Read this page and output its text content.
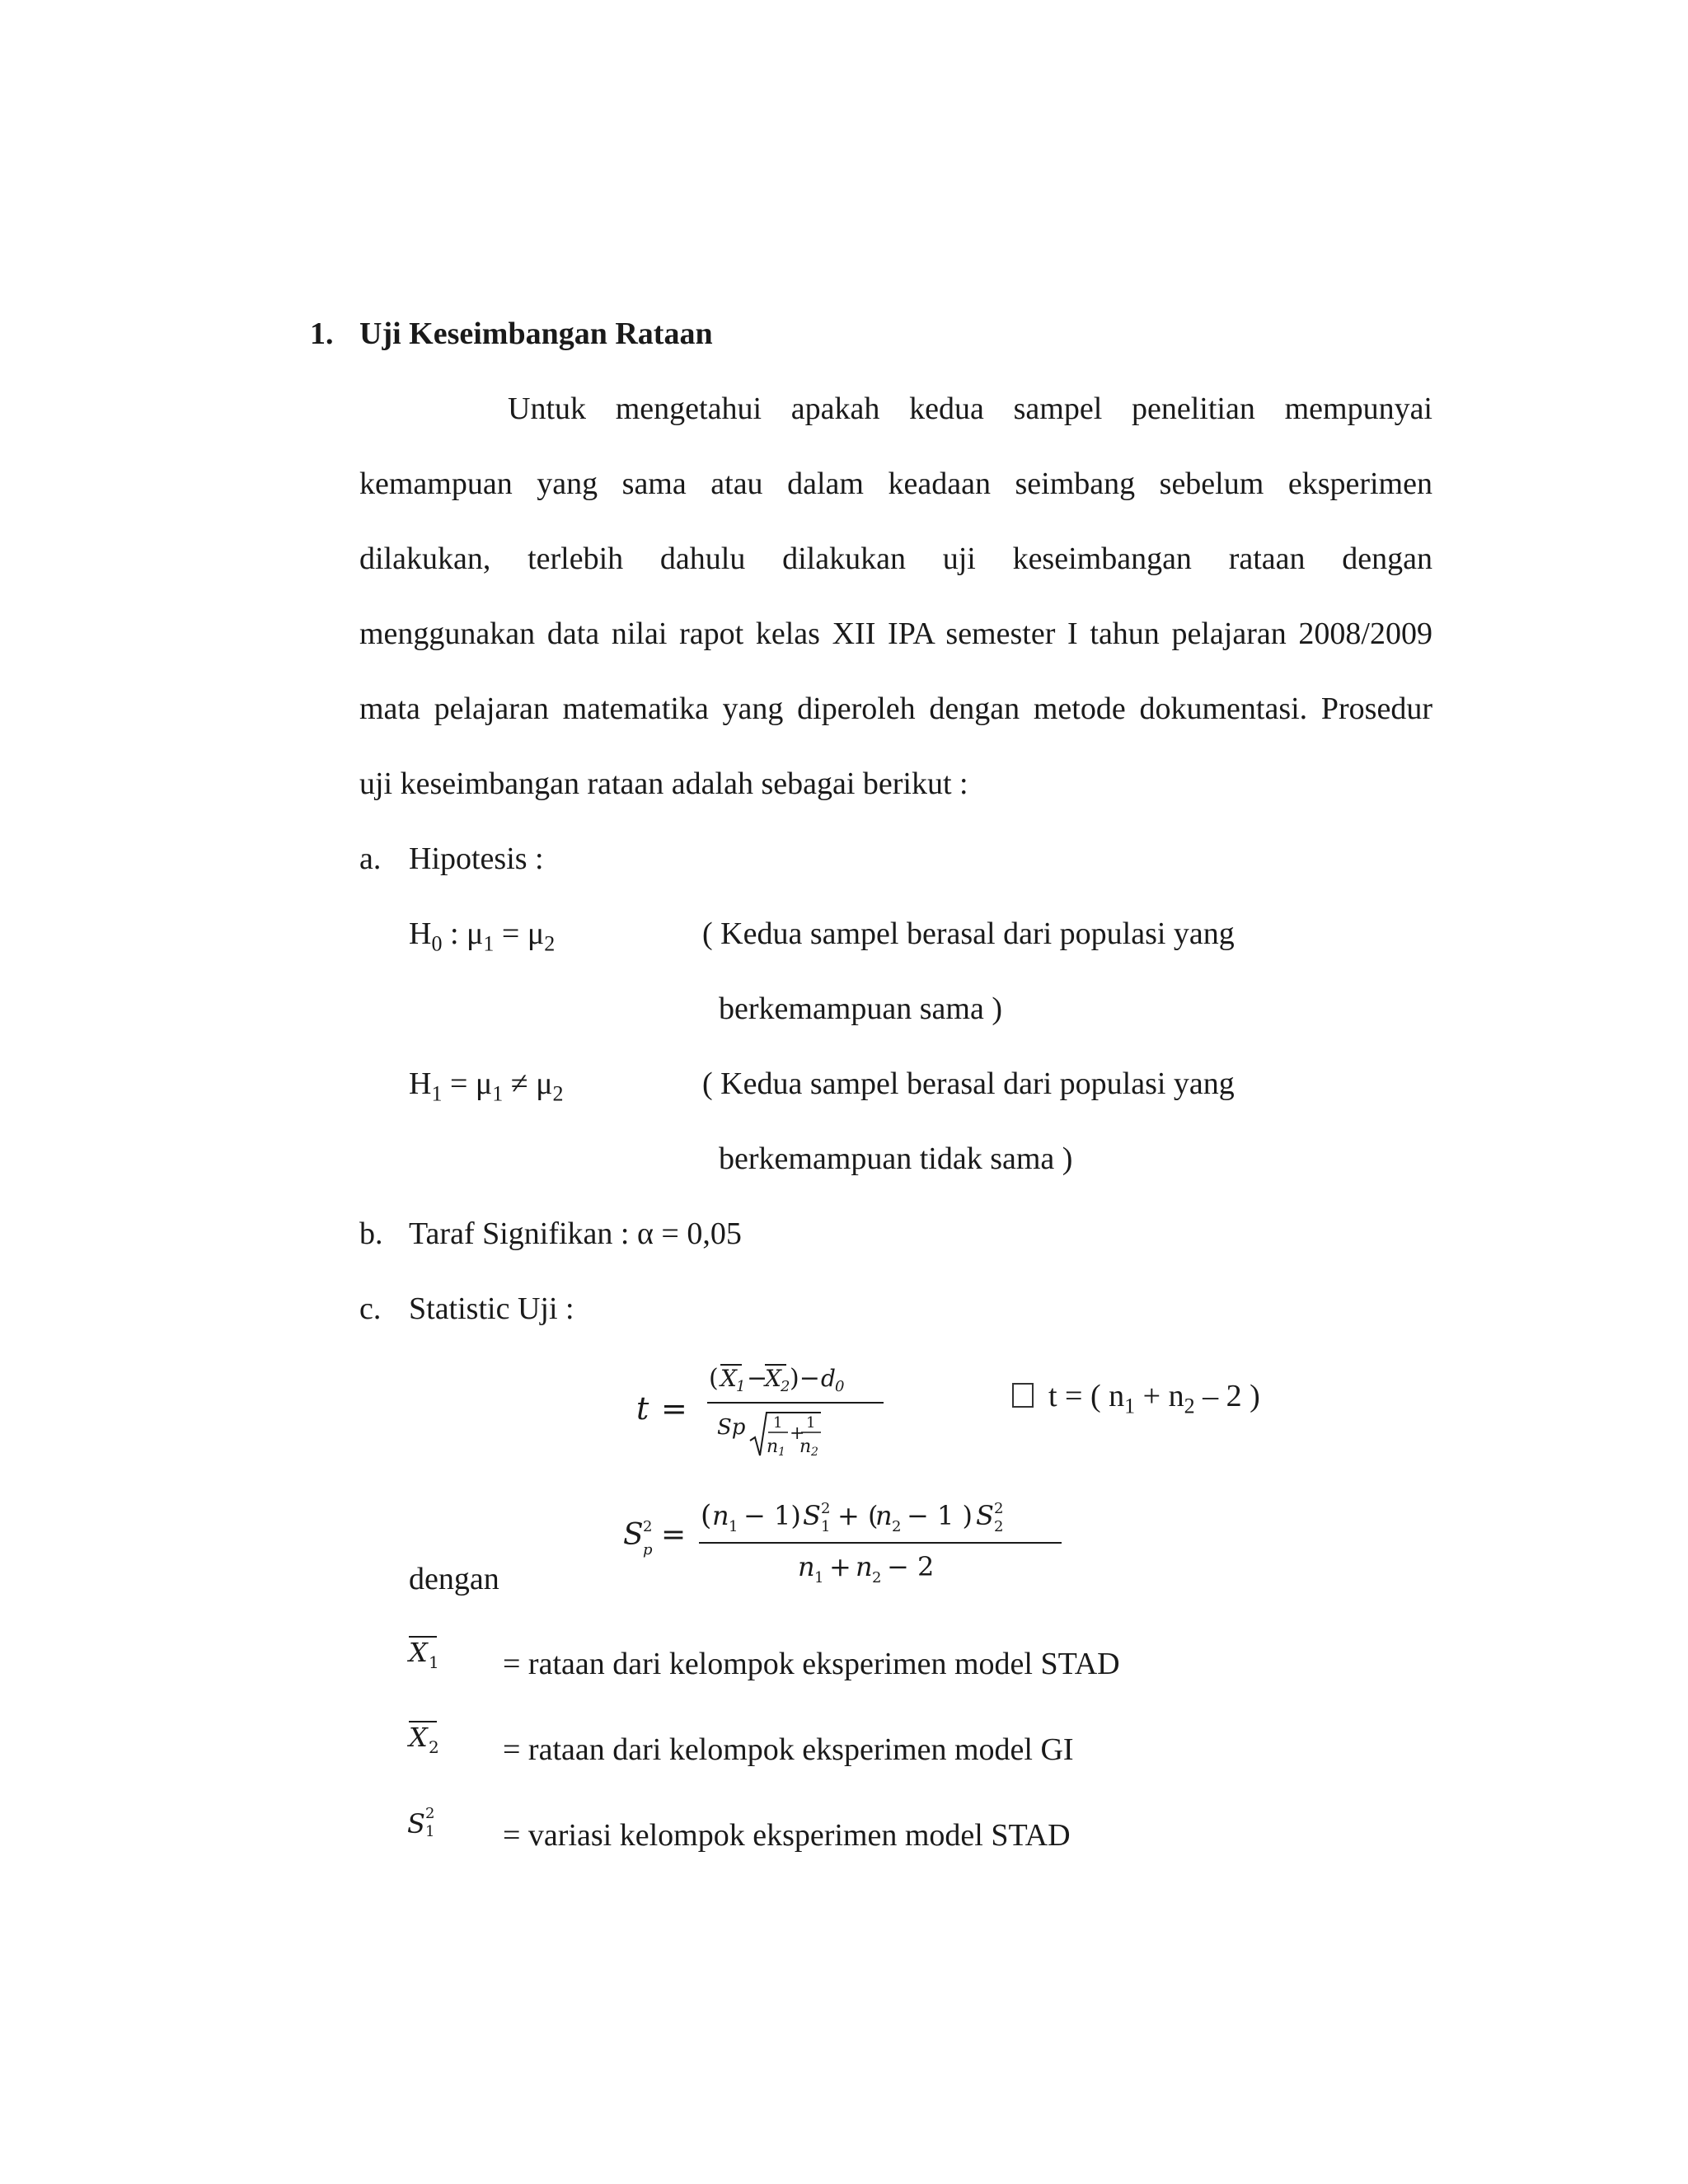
1. Uji Keseimbangan Rataan
Untuk mengetahui apakah kedua sampel penelitian mempunyai
kemampuan yang sama atau dalam keadaan seimbang sebelum eksperimen
dilakukan, terlebih dahulu dilakukan uji keseimbangan rataan dengan
menggunakan data nilai rapot kelas XII IPA semester I tahun pelajaran 2008/2009
mata pelajaran matematika yang diperoleh dengan metode dokumentasi. Prosedur
uji keseimbangan rataan adalah sebagai berikut :
a. Hipotesis :
$H_0$ : $\mu_1 = \mu_2$	( Kedua sampel berasal dari populasi yang
berkemampuan sama )
$H_1 = \mu_1 \ne \mu_2$	( Kedua sampel berasal dari populasi yang
berkemampuan tidak sama )
b. Taraf Signifikan : α = 0,05
c. Statistic Uji :
t =
( X 1 −
X 2 )− d 0
Sp 1
n 1
+
1
n 2
t = ( $n_1 + n_2 - 2$ )
S 2
p =
( n 1 − 1) S 2
1 + (
n 2 − 1 ) S 2
2
n 1 + n 2 − 2
dengan
X 1 = rataan dari kelompok eksperimen model STAD
X 2 = rataan dari kelompok eksperimen model GI
S 2
1 = variasi kelompok eksperimen model STAD
